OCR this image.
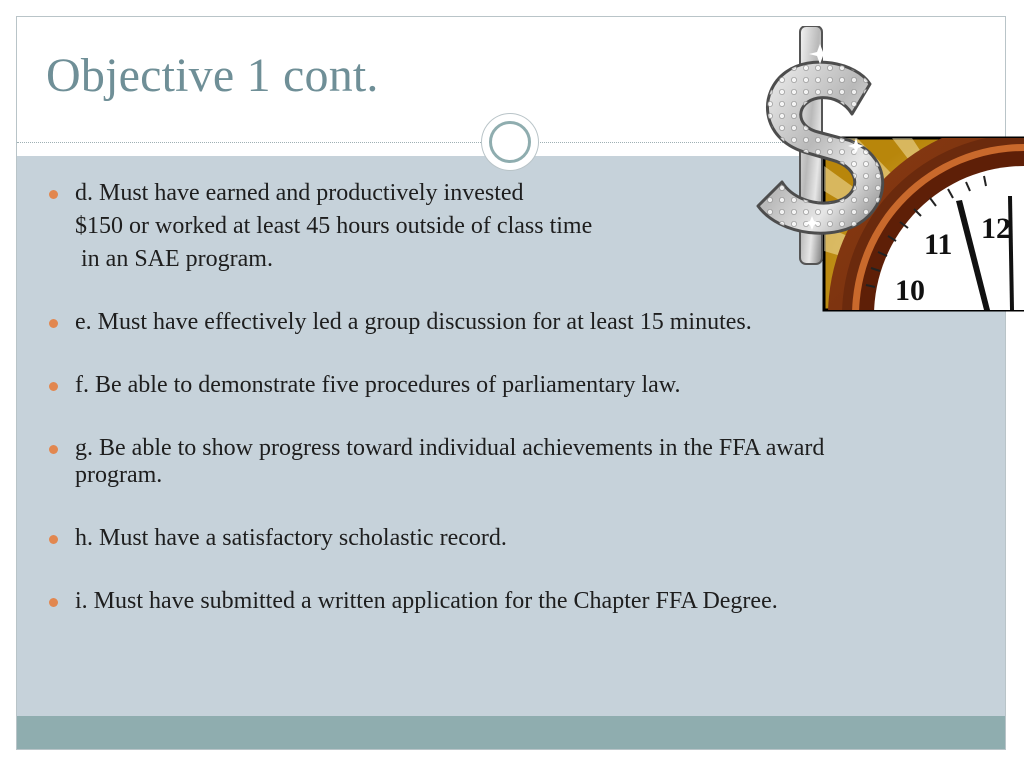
Objective 1 cont.
d. Must have earned and productively invested
$150 or worked at least 45 hours outside of class time
in an SAE program.
e. Must have effectively led a group discussion for at least 15 minutes.
f. Be able to demonstrate five procedures of parliamentary law.
g. Be able to show progress toward individual achievements in the FFA award program.
h. Must have a satisfactory scholastic record.
i. Must have submitted a written application for the Chapter FFA Degree.
12
11
10
